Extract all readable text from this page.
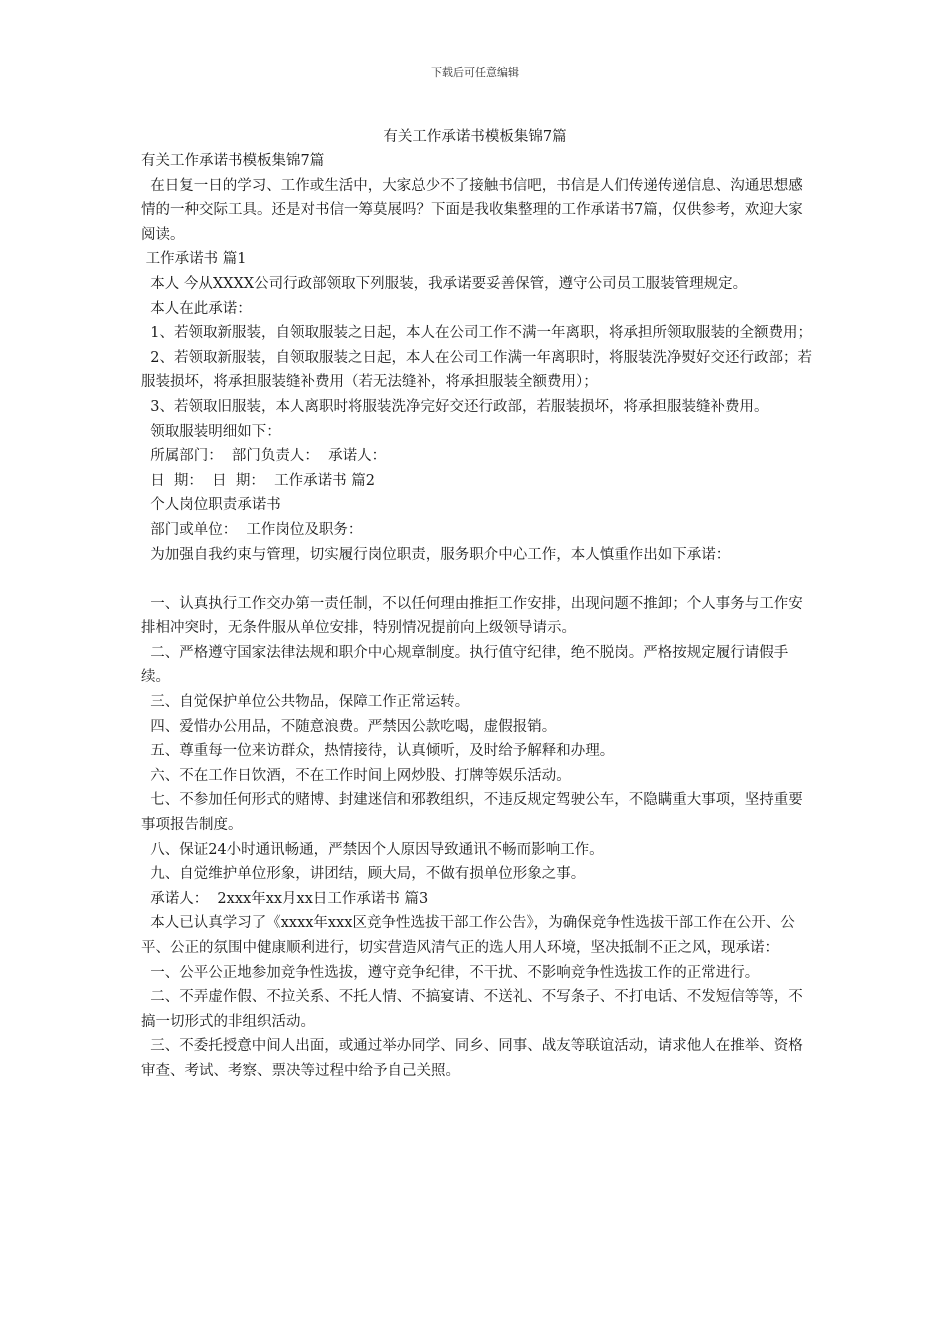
下载后可任意编辑
有关工作承诺书模板集锦7篇

有关工作承诺书模板集锦7篇

在日复一日的学习、工作或生活中，大家总少不了接触书信吧，书信是人们传递传递信息、沟通思想感情的一种交际工具。还是对书信一筹莫展吗？下面是我收集整理的工作承诺书7篇，仅供参考，欢迎大家阅读。

工作承诺书 篇1

本人 今从XXXX公司行政部领取下列服装，我承诺要妥善保管，遵守公司员工服装管理规定。

本人在此承诺：

1、若领取新服装，自领取服装之日起，本人在公司工作不满一年离职，将承担所领取服装的全额费用；

2、若领取新服装，自领取服装之日起，本人在公司工作满一年离职时，将服装洗净熨好交还行政部；若服装损坏，将承担服装缝补费用（若无法缝补，将承担服装全额费用）；

3、若领取旧服装，本人离职时将服装洗净完好交还行政部，若服装损坏，将承担服装缝补费用。

领取服装明细如下：

所属部门：  部门负责人：  承诺人：

日  期：  日  期：  工作承诺书 篇2

个人岗位职责承诺书

部门或单位：  工作岗位及职务：

为加强自我约束与管理，切实履行岗位职责，服务职介中心工作，本人慎重作出如下承诺：

一、认真执行工作交办第一责任制，不以任何理由推拒工作安排，出现问题不推卸；个人事务与工作安排相冲突时，无条件服从单位安排，特别情况提前向上级领导请示。

二、严格遵守国家法律法规和职介中心规章制度。执行值守纪律，绝不脱岗。严格按规定履行请假手续。

三、自觉保护单位公共物品，保障工作正常运转。

四、爱惜办公用品，不随意浪费。严禁因公款吃喝，虚假报销。

五、尊重每一位来访群众，热情接待，认真倾听，及时给予解释和办理。

六、不在工作日饮酒，不在工作时间上网炒股、打牌等娱乐活动。

七、不参加任何形式的赌博、封建迷信和邪教组织，不违反规定驾驶公车，不隐瞒重大事项，坚持重要事项报告制度。

八、保证24小时通讯畅通，严禁因个人原因导致通讯不畅而影响工作。

九、自觉维护单位形象，讲团结，顾大局，不做有损单位形象之事。

承诺人：  2xxx年xx月xx日工作承诺书 篇3

本人已认真学习了《xxxx年xxx区竞争性选拔干部工作公告》，为确保竞争性选拔干部工作在公开、公平、公正的氛围中健康顺利进行，切实营造风清气正的选人用人环境，坚决抵制不正之风，现承诺：

一、公平公正地参加竞争性选拔，遵守竞争纪律，不干扰、不影响竞争性选拔工作的正常进行。

二、不弄虚作假、不拉关系、不托人情、不搞宴请、不送礼、不写条子、不打电话、不发短信等等，不搞一切形式的非组织活动。

三、不委托授意中间人出面，或通过举办同学、同乡、同事、战友等联谊活动，请求他人在推举、资格审查、考试、考察、票决等过程中给予自己关照。
